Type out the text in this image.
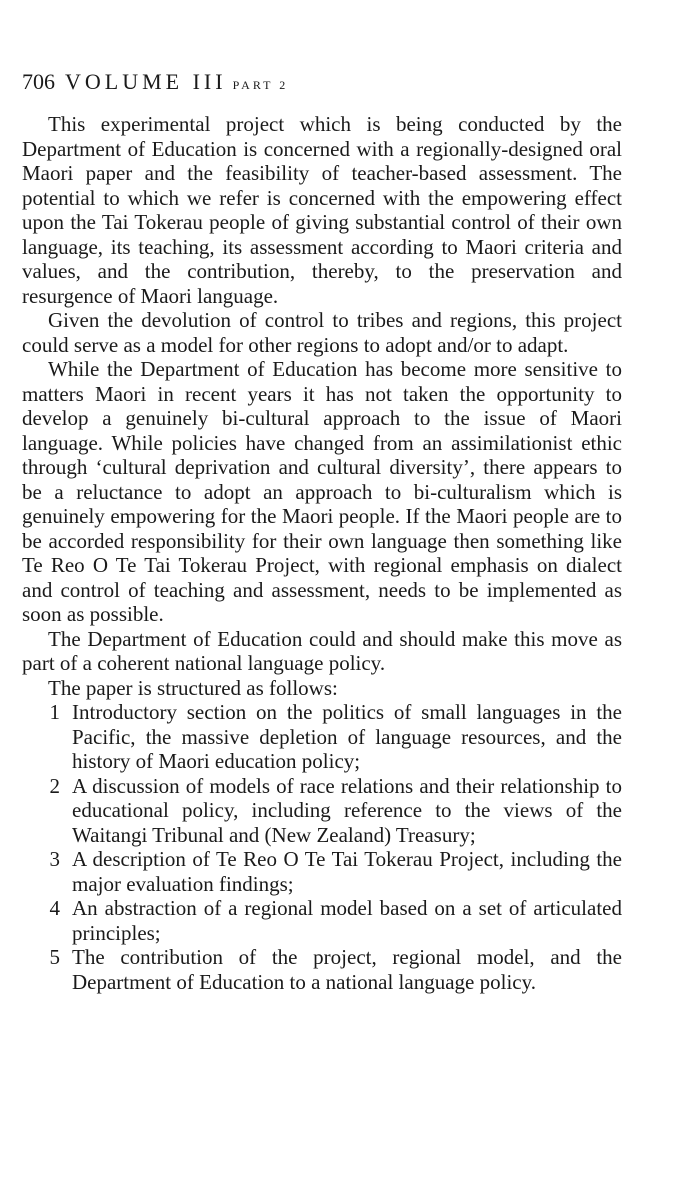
706 VOLUME III PART 2

This experimental project which is being conducted by the Department of Education is concerned with a regionally-designed oral Maori paper and the feasibility of teacher-based assessment. The potential to which we refer is concerned with the empowering effect upon the Tai Tokerau people of giving substantial control of their own language, its teaching, its assessment according to Maori criteria and values, and the contribution, thereby, to the preservation and resurgence of Maori language.

Given the devolution of control to tribes and regions, this project could serve as a model for other regions to adopt and/or to adapt.

While the Department of Education has become more sensitive to matters Maori in recent years it has not taken the opportunity to develop a genuinely bi-cultural approach to the issue of Maori language. While policies have changed from an assimilationist ethic through ‘cultural deprivation and cultural diversity’, there appears to be a reluctance to adopt an approach to bi-culturalism which is genuinely empowering for the Maori people. If the Maori people are to be accorded responsibility for their own language then something like Te Reo O Te Tai Tokerau Project, with regional emphasis on dialect and control of teaching and assessment, needs to be implemented as soon as possible.

The Department of Education could and should make this move as part of a coherent national language policy.

The paper is structured as follows:

1 Introductory section on the politics of small languages in the Pacific, the massive depletion of language resources, and the history of Maori education policy;
2 A discussion of models of race relations and their relationship to educational policy, including reference to the views of the Waitangi Tribunal and (New Zealand) Treasury;
3 A description of Te Reo O Te Tai Tokerau Project, including the major evaluation findings;
4 An abstraction of a regional model based on a set of articulated principles;
5 The contribution of the project, regional model, and the Department of Education to a national language policy.
